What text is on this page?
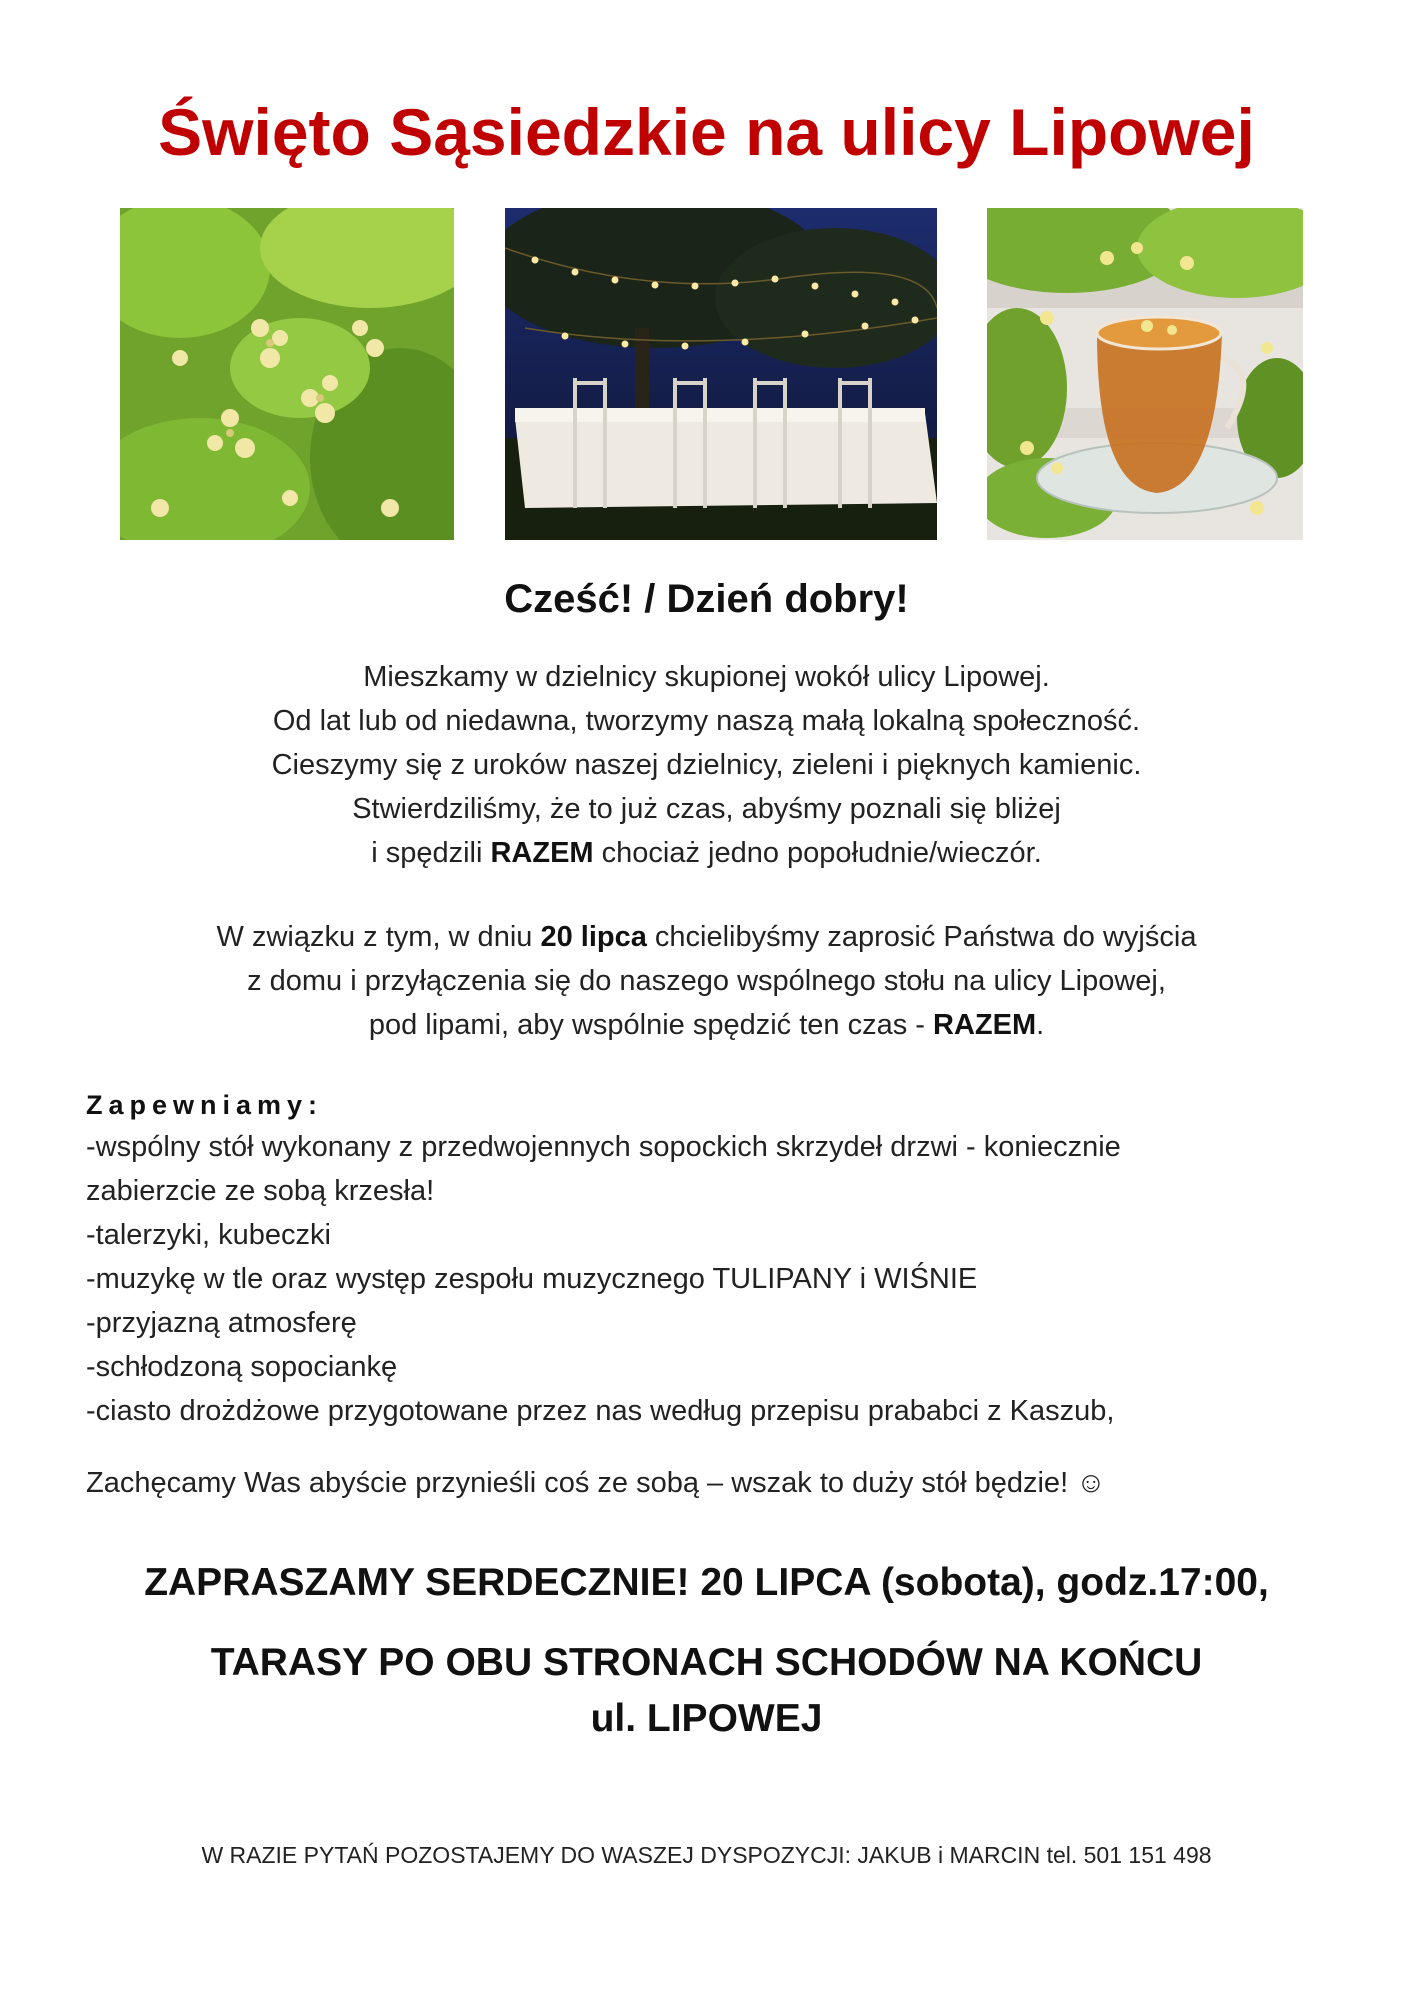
Święto Sąsiedzkie na ulicy Lipowej
Cześć! / Dzień dobry!

Mieszkamy w dzielnicy skupionej wokół ulicy Lipowej.

Od lat lub od niedawna, tworzymy naszą małą lokalną społeczność.

Cieszymy się z uroków naszej dzielnicy, zieleni i pięknych kamienic.

Stwierdziliśmy, że to już czas, abyśmy poznali się bliżej

i spędzili RAZEM chociaż jedno popołudnie/wieczór.

W związku z tym, w dniu 20 lipca chcielibyśmy zaprosić Państwa do wyjścia

z domu i przyłączenia się do naszego wspólnego stołu na ulicy Lipowej,

pod lipami, aby wspólnie spędzić ten czas - RAZEM.

Zapewniamy:

-wspólny stół wykonany z przedwojennych sopockich skrzydeł drzwi - koniecznie

zabierzcie ze sobą krzesła!

-talerzyki, kubeczki

-muzykę w tle oraz występ zespołu muzycznego TULIPANY i WIŚNIE

-przyjazną atmosferę

-schłodzoną sopociankę

-ciasto drożdżowe przygotowane przez nas według przepisu prababci z Kaszub,

Zachęcamy Was abyście przynieśli coś ze sobą – wszak to duży stół będzie! ☺

ZAPRASZAMY SERDECZNIE! 20 LIPCA (sobota), godz.17:00,

TARASY PO OBU STRONACH SCHODÓW NA KOŃCU
ul. LIPOWEJ

W RAZIE PYTAŃ POZOSTAJEMY DO WASZEJ DYSPOZYCJI: JAKUB i MARCIN tel. 501 151 498
